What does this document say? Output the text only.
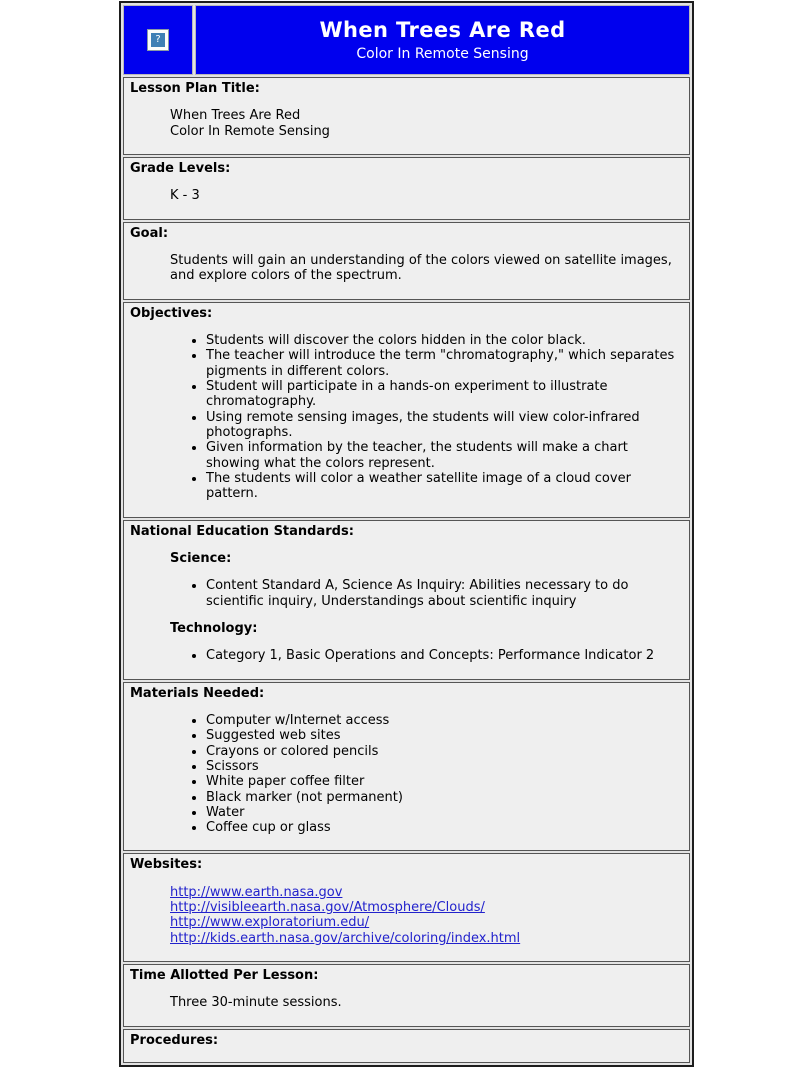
?	When Trees Are Red
Color In Remote Sensing
Lesson Plan Title:
When Trees Are Red
Color In Remote Sensing
Grade Levels:
K - 3
Goal:
Students will gain an understanding of the colors viewed on satellite images, and explore colors of the spectrum.
Objectives:
• Students will discover the colors hidden in the color black.
• The teacher will introduce the term "chromatography," which separates pigments in different colors.
• Student will participate in a hands-on experiment to illustrate chromatography.
• Using remote sensing images, the students will view color-infrared photographs.
• Given information by the teacher, the students will make a chart showing what the colors represent.
• The students will color a weather satellite image of a cloud cover pattern.
National Education Standards:
Science:
• Content Standard A, Science As Inquiry: Abilities necessary to do scientific inquiry, Understandings about scientific inquiry
Technology:
• Category 1, Basic Operations and Concepts: Performance Indicator 2
Materials Needed:
• Computer w/Internet access
• Suggested web sites
• Crayons or colored pencils
• Scissors
• White paper coffee filter
• Black marker (not permanent)
• Water
• Coffee cup or glass
Websites:
http://www.earth.nasa.gov
http://visibleearth.nasa.gov/Atmosphere/Clouds/
http://www.exploratorium.edu/
http://kids.earth.nasa.gov/archive/coloring/index.html
Time Allotted Per Lesson:
Three 30-minute sessions.
Procedures:
